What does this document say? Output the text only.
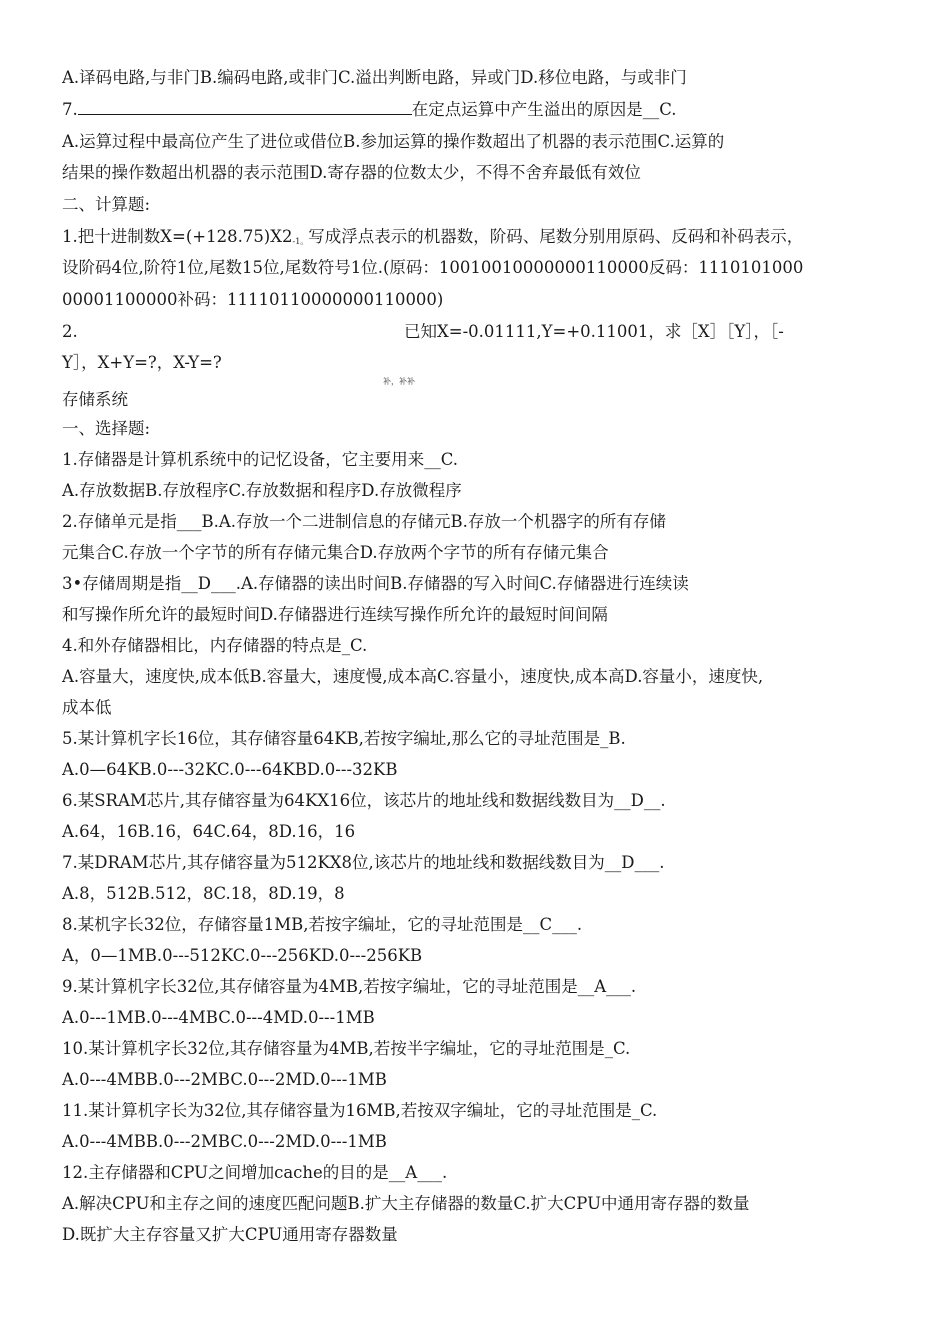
A.译码电路,与非门B.编码电路,或非门C.溢出判断电路，异或门D.移位电路，与或非门
7.	在定点运算中产生溢出的原因是__C.
A.运算过程中最高位产生了进位或借位B.参加运算的操作数超出了机器的表示范围C.运算的
结果的操作数超出机器的表示范围D.寄存器的位数太少，不得不舍弃最低有效位
二、计算题:
1.把十进制数$X=(+128.75)X2_{-1。}$写成浮点表示的机器数，阶码、尾数分别用原码、反码和补码表示，
设阶码4位,阶符1位,尾数15位,尾数符号1位.(原码：10010010000000110000反码：1110101000
00001100000补码：11110110000000110000)
2.	已知X=-0.01111,Y=+0.11001，求［X］［Y］，［-
Y］，X+Y=?，X-Y=?
补，补补
存储系统
一、选择题:
1.存储器是计算机系统中的记忆设备，它主要用来__C.
A.存放数据B.存放程序C.存放数据和程序D.存放微程序
2.存储单元是指___B.A.存放一个二进制信息的存储元B.存放一个机器字的所有存储
元集合C.存放一个字节的所有存储元集合D.存放两个字节的所有存储元集合
3•存储周期是指__D___.A.存储器的读出时间B.存储器的写入时间C.存储器进行连续读
和写操作所允许的最短时间D.存储器进行连续写操作所允许的最短时间间隔
4.和外存储器相比，内存储器的特点是_C.
A.容量大，速度快,成本低B.容量大，速度慢,成本高C.容量小，速度快,成本高D.容量小，速度快,
成本低
5.某计算机字长16位，其存储容量64KB,若按字编址,那么它的寻址范围是_B.
A.0—64KB.0---32KC.0---64KBD.0---32KB
6.某SRAM芯片,其存储容量为64KX16位，该芯片的地址线和数据线数目为__D__.
A.64，16B.16，64C.64，8D.16，16
7.某DRAM芯片,其存储容量为512KX8位,该芯片的地址线和数据线数目为__D___.
A.8，512B.512，8C.18，8D.19，8
8.某机字长32位，存储容量1MB,若按字编址，它的寻址范围是__C___.
A，0—1MB.0---512KC.0---256KD.0---256KB
9.某计算机字长32位,其存储容量为4MB,若按字编址，它的寻址范围是__A___.
A.0---1MB.0---4MBC.0---4MD.0---1MB
10.某计算机字长32位,其存储容量为4MB,若按半字编址，它的寻址范围是_C.
A.0---4MBB.0---2MBC.0---2MD.0---1MB
11.某计算机字长为32位,其存储容量为16MB,若按双字编址，它的寻址范围是_C.
A.0---4MBB.0---2MBC.0---2MD.0---1MB
12.主存储器和CPU之间增加cache的目的是__A___.
A.解决CPU和主存之间的速度匹配问题B.扩大主存储器的数量C.扩大CPU中通用寄存器的数量
D.既扩大主存容量又扩大CPU通用寄存器数量
